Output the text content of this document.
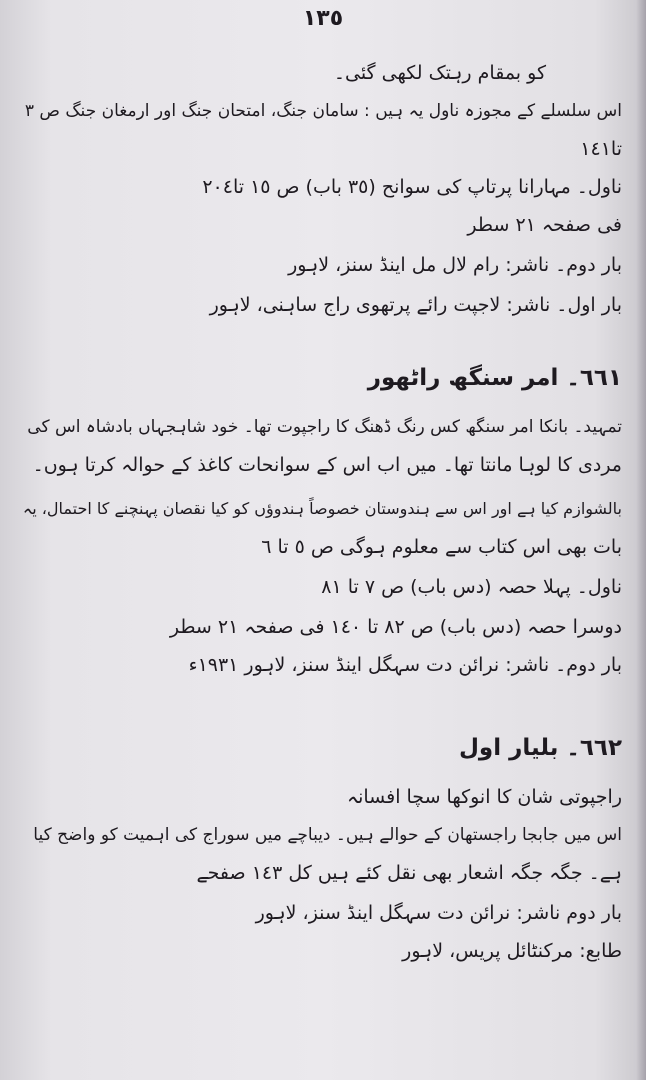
١٣٥
کو بمقام رہتک لکھی گئی۔
اس سلسلے کے مجوزہ ناول یہ ہیں : سامان جنگ، امتحان جنگ اور ارمغان جنگ ص ٣
تا١٤١
ناول۔ مہارانا پرتاپ کی سوانح (٣٥ باب) ص ١٥ تا٢٠٤
فی صفحہ ٢١ سطر
بار دوم۔ ناشر: رام لال مل اینڈ سنز، لاہور
بار اول۔ ناشر: لاجپت رائے پرتھوی راج ساہنی، لاہور
٦٦١۔ امر سنگھ راٹھور
تمہید۔ بانکا امر سنگھ کس رنگ ڈھنگ کا راجپوت تھا۔ خود شاہجہاں بادشاہ اس کی
مردی کا لوہا مانتا تھا۔ میں اب اس کے سوانحات کاغذ کے حوالہ کرتا ہوں۔
بالشوازم کیا ہے اور اس سے ہندوستان خصوصاً ہندوؤں کو کیا نقصان پہنچنے کا احتمال، یہ
بات بھی اس کتاب سے معلوم ہوگی ص ٥ تا ٦
ناول۔ پہلا حصہ (دس باب) ص ٧ تا ٨١
دوسرا حصہ (دس باب) ص ٨٢ تا ١٤٠ فی صفحہ ٢١ سطر
بار دوم۔ ناشر: نرائن دت سہگل اینڈ سنز، لاہور ١٩٣١ء
٦٦٢۔ بلیار اول
راجپوتی شان کا انوکھا سچا افسانہ
اس میں جابجا راجستھان کے حوالے ہیں۔ دیباچے میں سوراج کی اہمیت کو واضح کیا
ہے۔ جگہ جگہ اشعار بھی نقل کئے ہیں کل ١٤٣ صفحے
بار دوم ناشر: نرائن دت سہگل اینڈ سنز، لاہور
طابع: مرکنٹائل پریس، لاہور
